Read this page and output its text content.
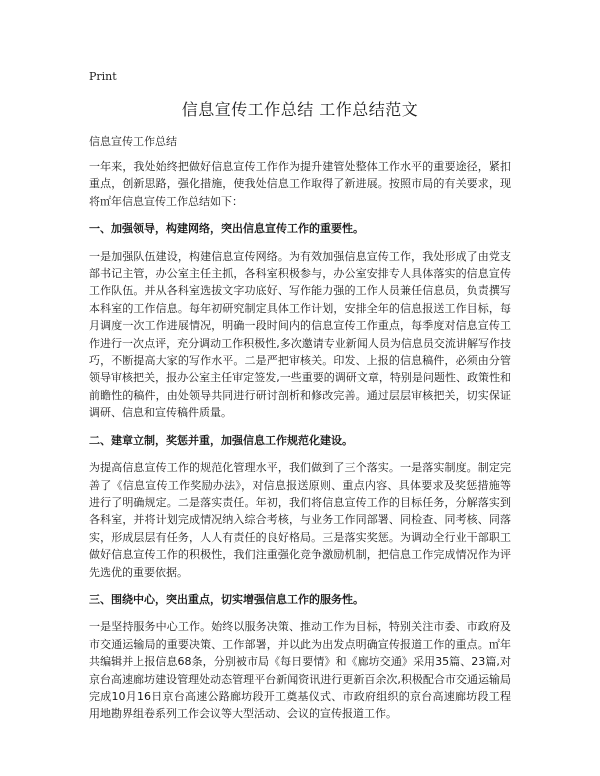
Print
信息宣传工作总结 工作总结范文
信息宣传工作总结

一年来，我处始终把做好信息宣传工作作为提升建管处整体工作水平的重要途径，紧扣重点，创新思路，强化措施，使我处信息工作取得了新进展。按照市局的有关要求，现将㎡年信息宣传工作总结如下：

一、加强领导，构建网络，突出信息宣传工作的重要性。

一是加强队伍建设，构建信息宣传网络。为有效加强信息宣传工作，我处形成了由党支部书记主管，办公室主任主抓，各科室积极参与，办公室安排专人具体落实的信息宣传工作队伍。并从各科室选拔文字功底好、写作能力强的工作人员兼任信息员，负责撰写本科室的工作信息。每年初研究制定具体工作计划，安排全年的信息报送工作目标，每月调度一次工作进展情况，明确一段时间内的信息宣传工作重点，每季度对信息宣传工作进行一次点评，充分调动工作积极性,多次邀请专业新闻人员为信息员交流讲解写作技巧，不断提高大家的写作水平。二是严把审核关。印发、上报的信息稿件，必须由分管领导审核把关，报办公室主任审定签发,一些重要的调研文章，特别是问题性、政策性和前瞻性的稿件，由处领导共同进行研讨剖析和修改完善。通过层层审核把关，切实保证调研、信息和宣传稿件质量。

二、建章立制，奖惩并重，加强信息工作规范化建设。

为提高信息宣传工作的规范化管理水平，我们做到了三个落实。一是落实制度。制定完善了《信息宣传工作奖励办法》，对信息报送原则、重点内容、具体要求及奖惩措施等进行了明确规定。二是落实责任。年初，我们将信息宣传工作的目标任务，分解落实到各科室，并将计划完成情况纳入综合考核，与业务工作同部署、同检查、同考核、同落实，形成层层有任务，人人有责任的良好格局。三是落实奖惩。为调动全行业干部职工做好信息宣传工作的积极性，我们注重强化竞争激励机制，把信息工作完成情况作为评先选优的重要依据。

三、围绕中心，突出重点，切实增强信息工作的服务性。

一是坚持服务中心工作。始终以服务决策、推动工作为目标，特别关注市委、市政府及市交通运输局的重要决策、工作部署，并以此为出发点明确宣传报道工作的重点。㎡年共编辑并上报信息68条，分别被市局《每日要情》和《廊坊交通》采用35篇、23篇,对京台高速廊坊建设管理处动态管理平台新闻资讯进行更新百余次,积极配合市交通运输局完成10月16日京台高速公路廊坊段开工奠基仪式、市政府组织的京台高速廊坊段工程用地勘界组卷系列工作会议等大型活动、会议的宣传报道工作。
